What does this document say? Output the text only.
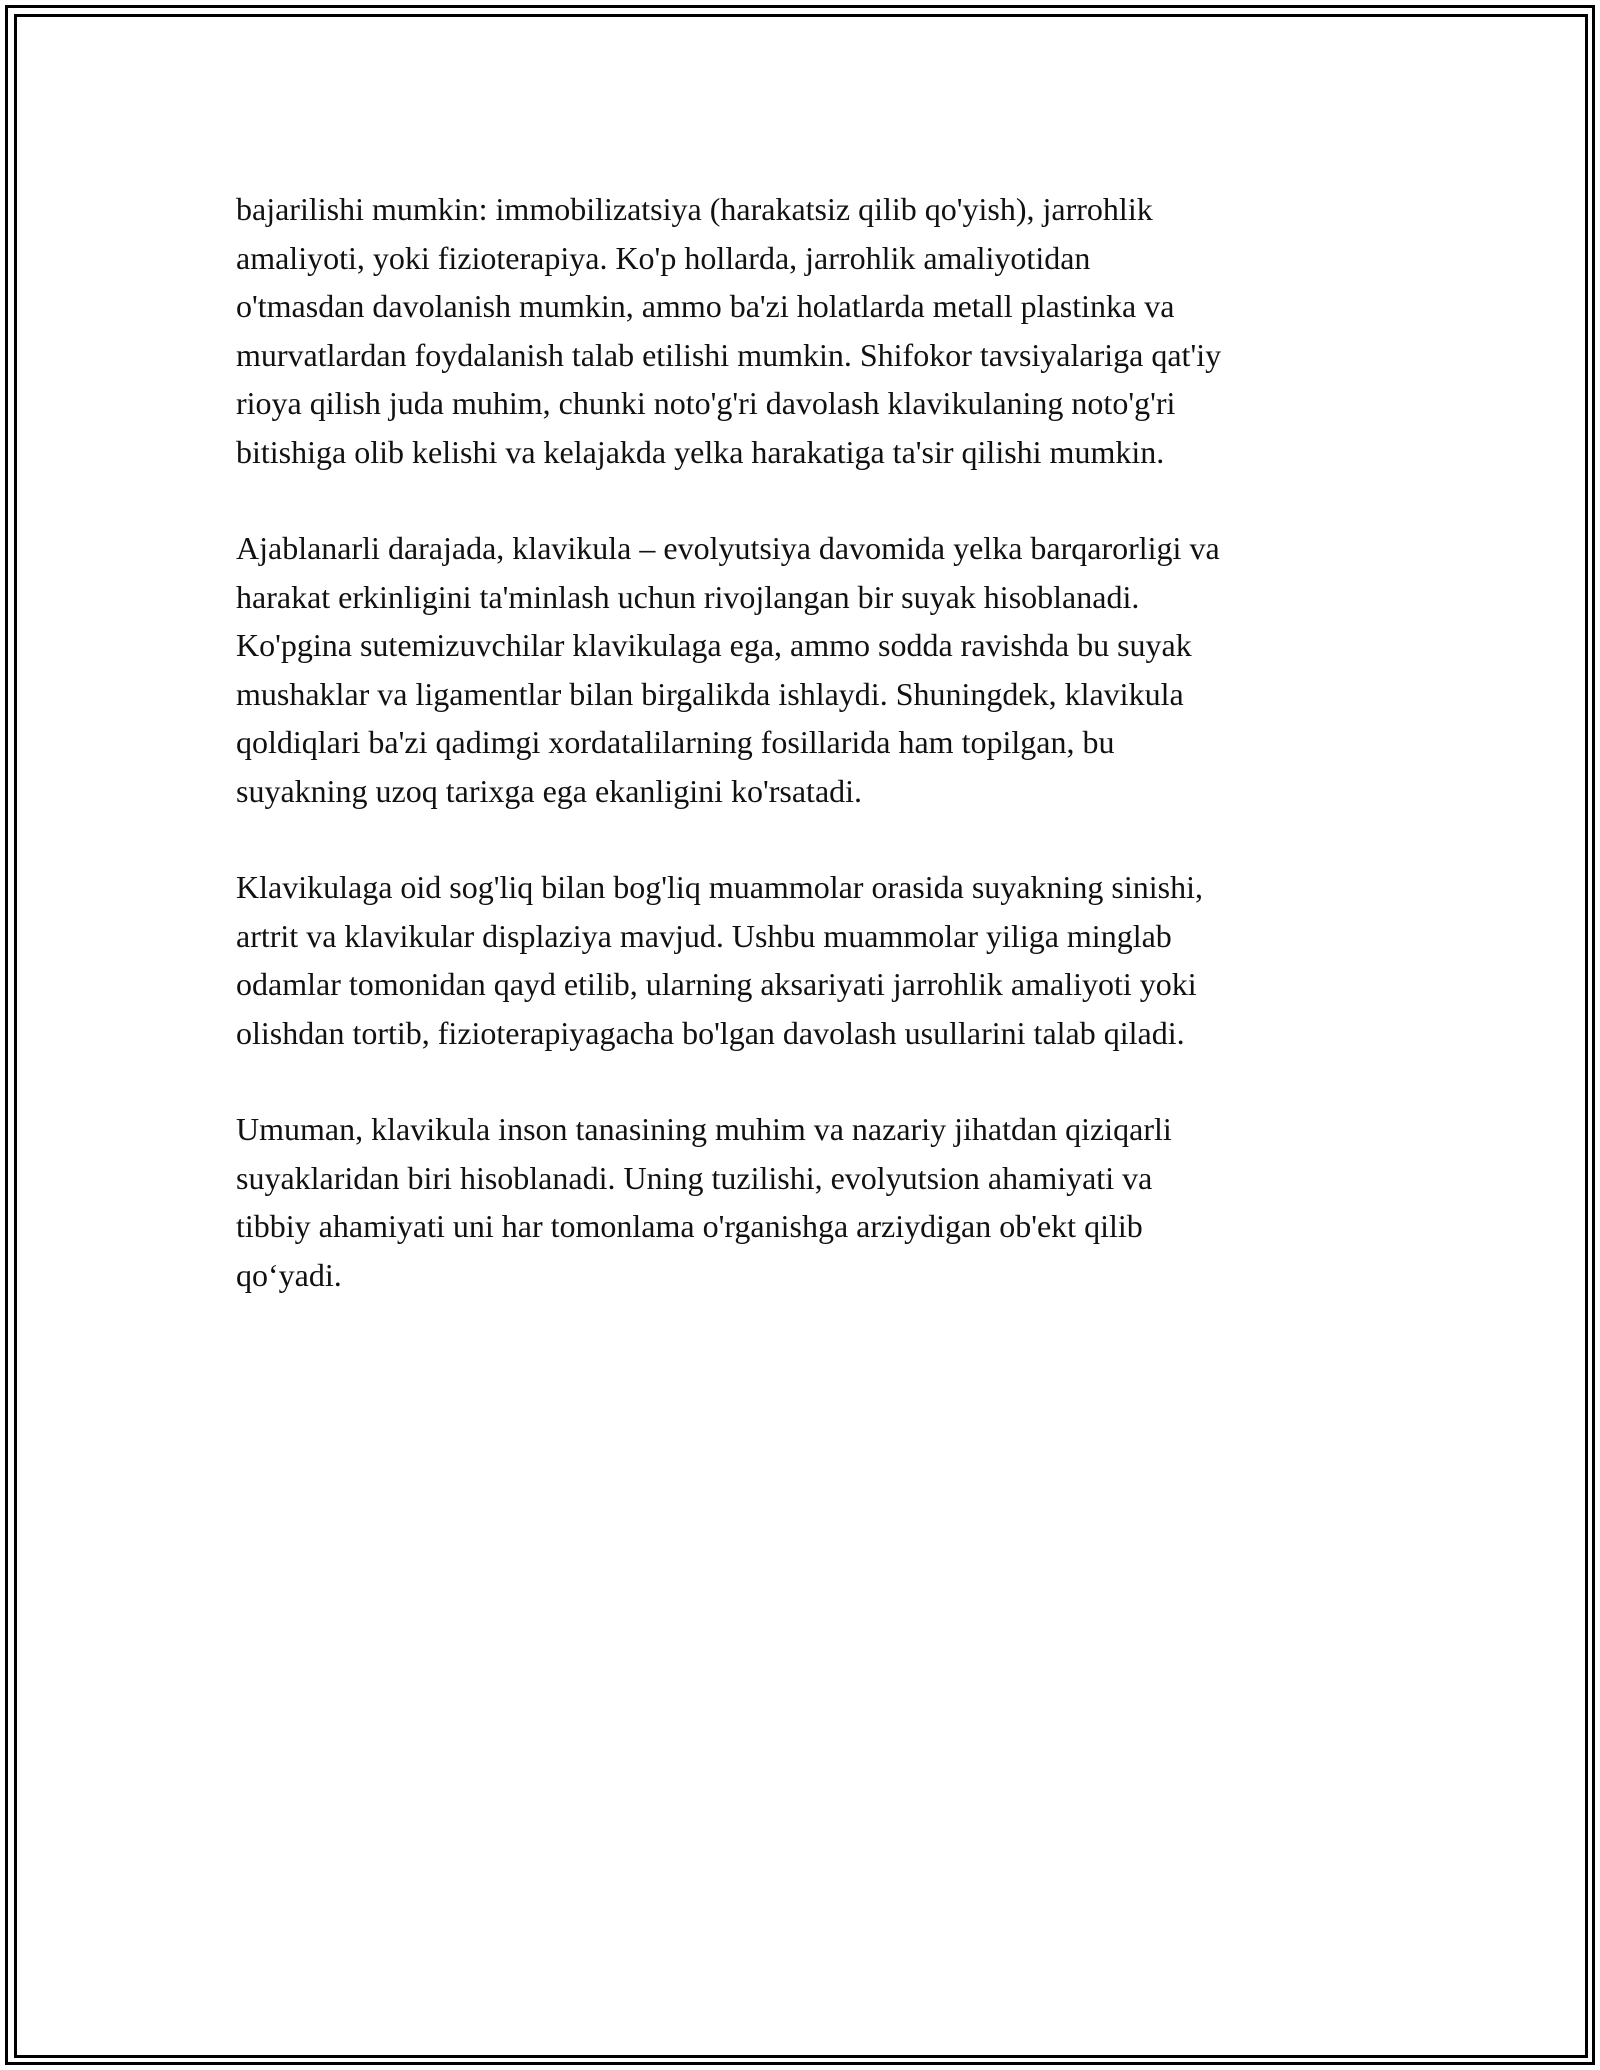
bajarilishi mumkin: immobilizatsiya (harakatsiz qilib qo'yish), jarrohlik
amaliyoti, yoki fizioterapiya. Ko'p hollarda, jarrohlik amaliyotidan
o'tmasdan davolanish mumkin, ammo ba'zi holatlarda metall plastinka va
murvatlardan foydalanish talab etilishi mumkin. Shifokor tavsiyalariga qat'iy
rioya qilish juda muhim, chunki noto'g'ri davolash klavikulaning noto'g'ri
bitishiga olib kelishi va kelajakda yelka harakatiga ta'sir qilishi mumkin.

Ajablanarli darajada, klavikula – evolyutsiya davomida yelka barqarorligi va
harakat erkinligini ta'minlash uchun rivojlangan bir suyak hisoblanadi.
Ko'pgina sutemizuvchilar klavikulaga ega, ammo sodda ravishda bu suyak
mushaklar va ligamentlar bilan birgalikda ishlaydi. Shuningdek, klavikula
qoldiqlari ba'zi qadimgi xordatalilarning fosillarida ham topilgan, bu
suyakning uzoq tarixga ega ekanligini ko'rsatadi.

Klavikulaga oid sog'liq bilan bog'liq muammolar orasida suyakning sinishi,
artrit va klavikular displaziya mavjud. Ushbu muammolar yiliga minglab
odamlar tomonidan qayd etilib, ularning aksariyati jarrohlik amaliyoti yoki
olishdan tortib, fizioterapiyagacha bo'lgan davolash usullarini talab qiladi.

Umuman, klavikula inson tanasining muhim va nazariy jihatdan qiziqarli
suyaklaridan biri hisoblanadi. Uning tuzilishi, evolyutsion ahamiyati va
tibbiy ahamiyati uni har tomonlama o'rganishga arziydigan ob'ekt qilib
qo‘yadi.
